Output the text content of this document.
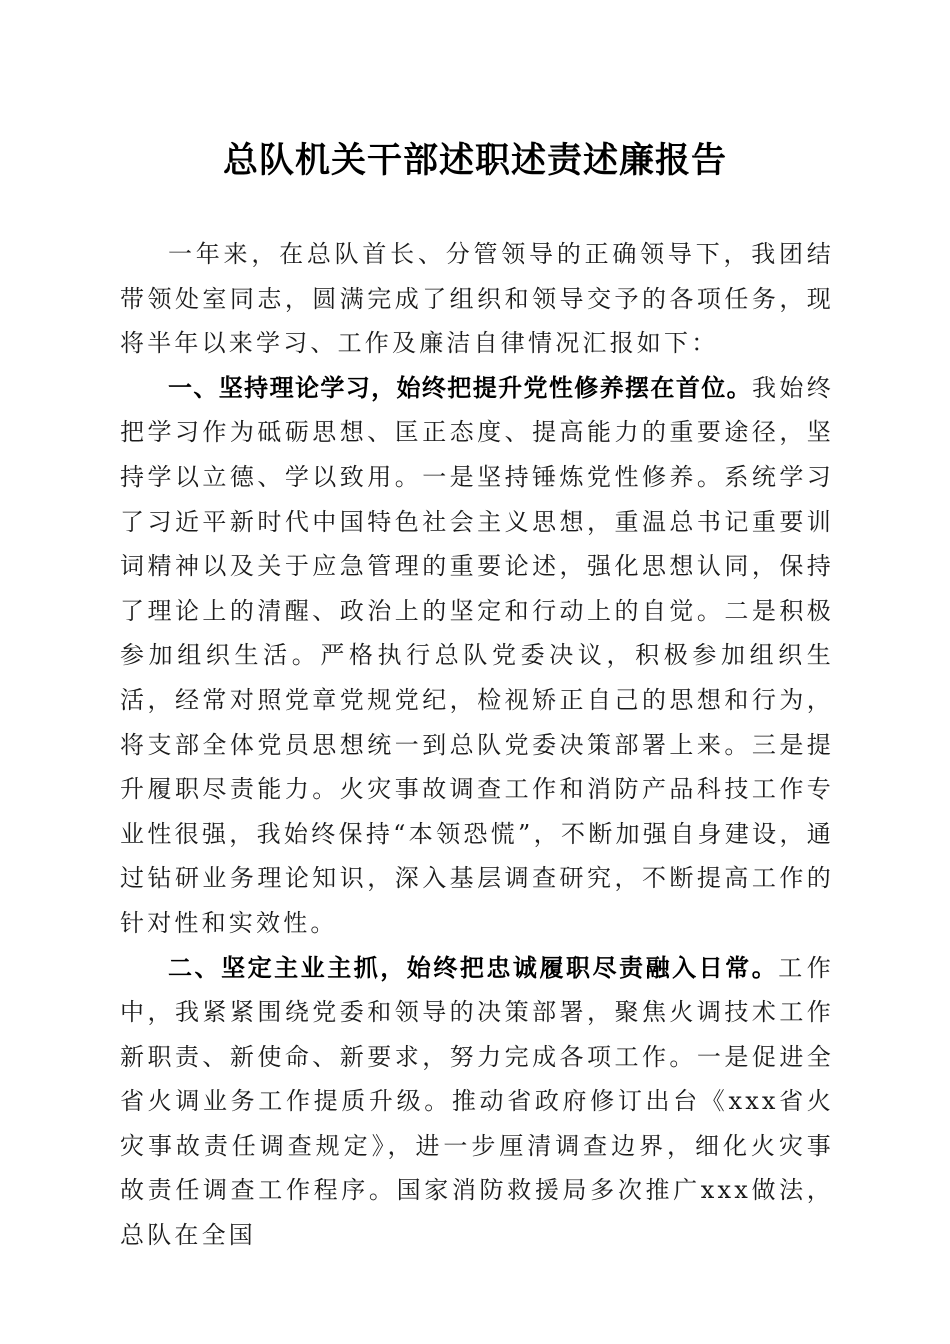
总队机关干部述职述责述廉报告

一年来，在总队首长、分管领导的正确领导下，我团结带领处室同志，圆满完成了组织和领导交予的各项任务，现将半年以来学习、工作及廉洁自律情况汇报如下：

一、坚持理论学习，始终把提升党性修养摆在首位。我始终把学习作为砥砺思想、匡正态度、提高能力的重要途径，坚持学以立德、学以致用。一是坚持锤炼党性修养。系统学习了习近平新时代中国特色社会主义思想，重温总书记重要训词精神以及关于应急管理的重要论述，强化思想认同，保持了理论上的清醒、政治上的坚定和行动上的自觉。二是积极参加组织生活。严格执行总队党委决议，积极参加组织生活，经常对照党章党规党纪，检视矫正自己的思想和行为，将支部全体党员思想统一到总队党委决策部署上来。三是提升履职尽责能力。火灾事故调查工作和消防产品科技工作专业性很强，我始终保持“本领恐慌”，不断加强自身建设，通过钻研业务理论知识，深入基层调查研究，不断提高工作的针对性和实效性。

二、坚定主业主抓，始终把忠诚履职尽责融入日常。工作中，我紧紧围绕党委和领导的决策部署，聚焦火调技术工作新职责、新使命、新要求，努力完成各项工作。一是促进全省火调业务工作提质升级。推动省政府修订出台《xxx省火灾事故责任调查规定》，进一步厘清调查边界，细化火灾事故责任调查工作程序。国家消防救援局多次推广xxx做法，总队在全国
